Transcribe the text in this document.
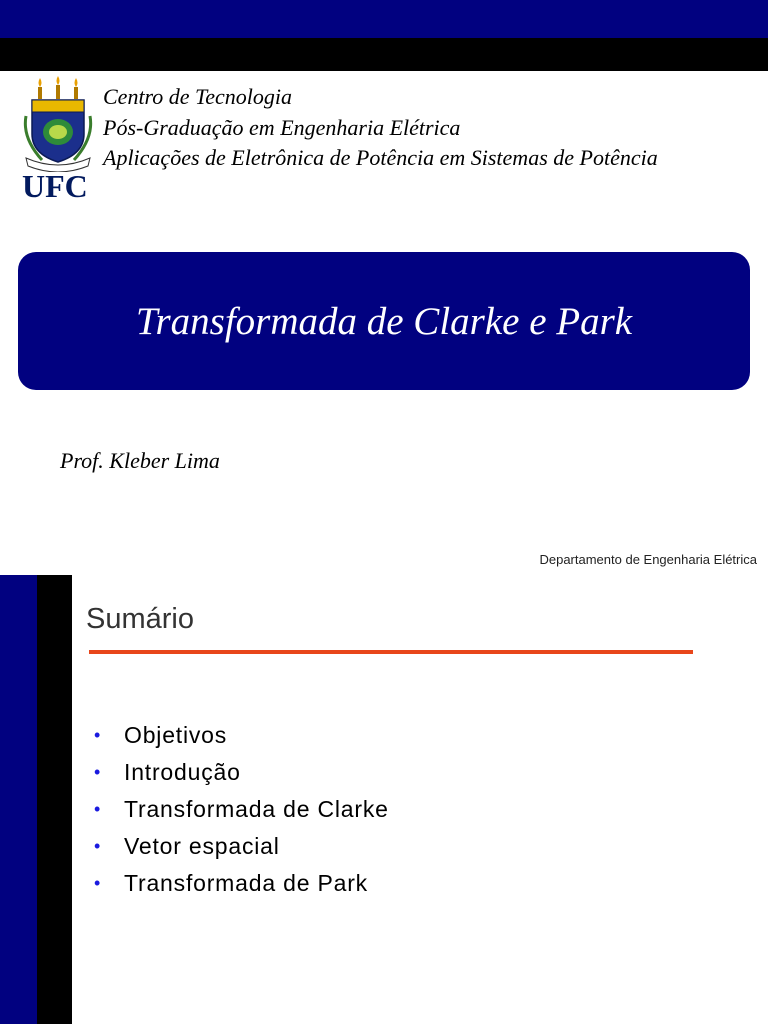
UFC
Centro de Tecnologia
Pós-Graduação em Engenharia Elétrica
Aplicações de Eletrônica de Potência em Sistemas de Potência
Transformada de Clarke e Park
Prof. Kleber Lima
Departamento de Engenharia Elétrica
Sumário
• Objetivos
• Introdução
• Transformada de Clarke
• Vetor espacial
• Transformada de Park
